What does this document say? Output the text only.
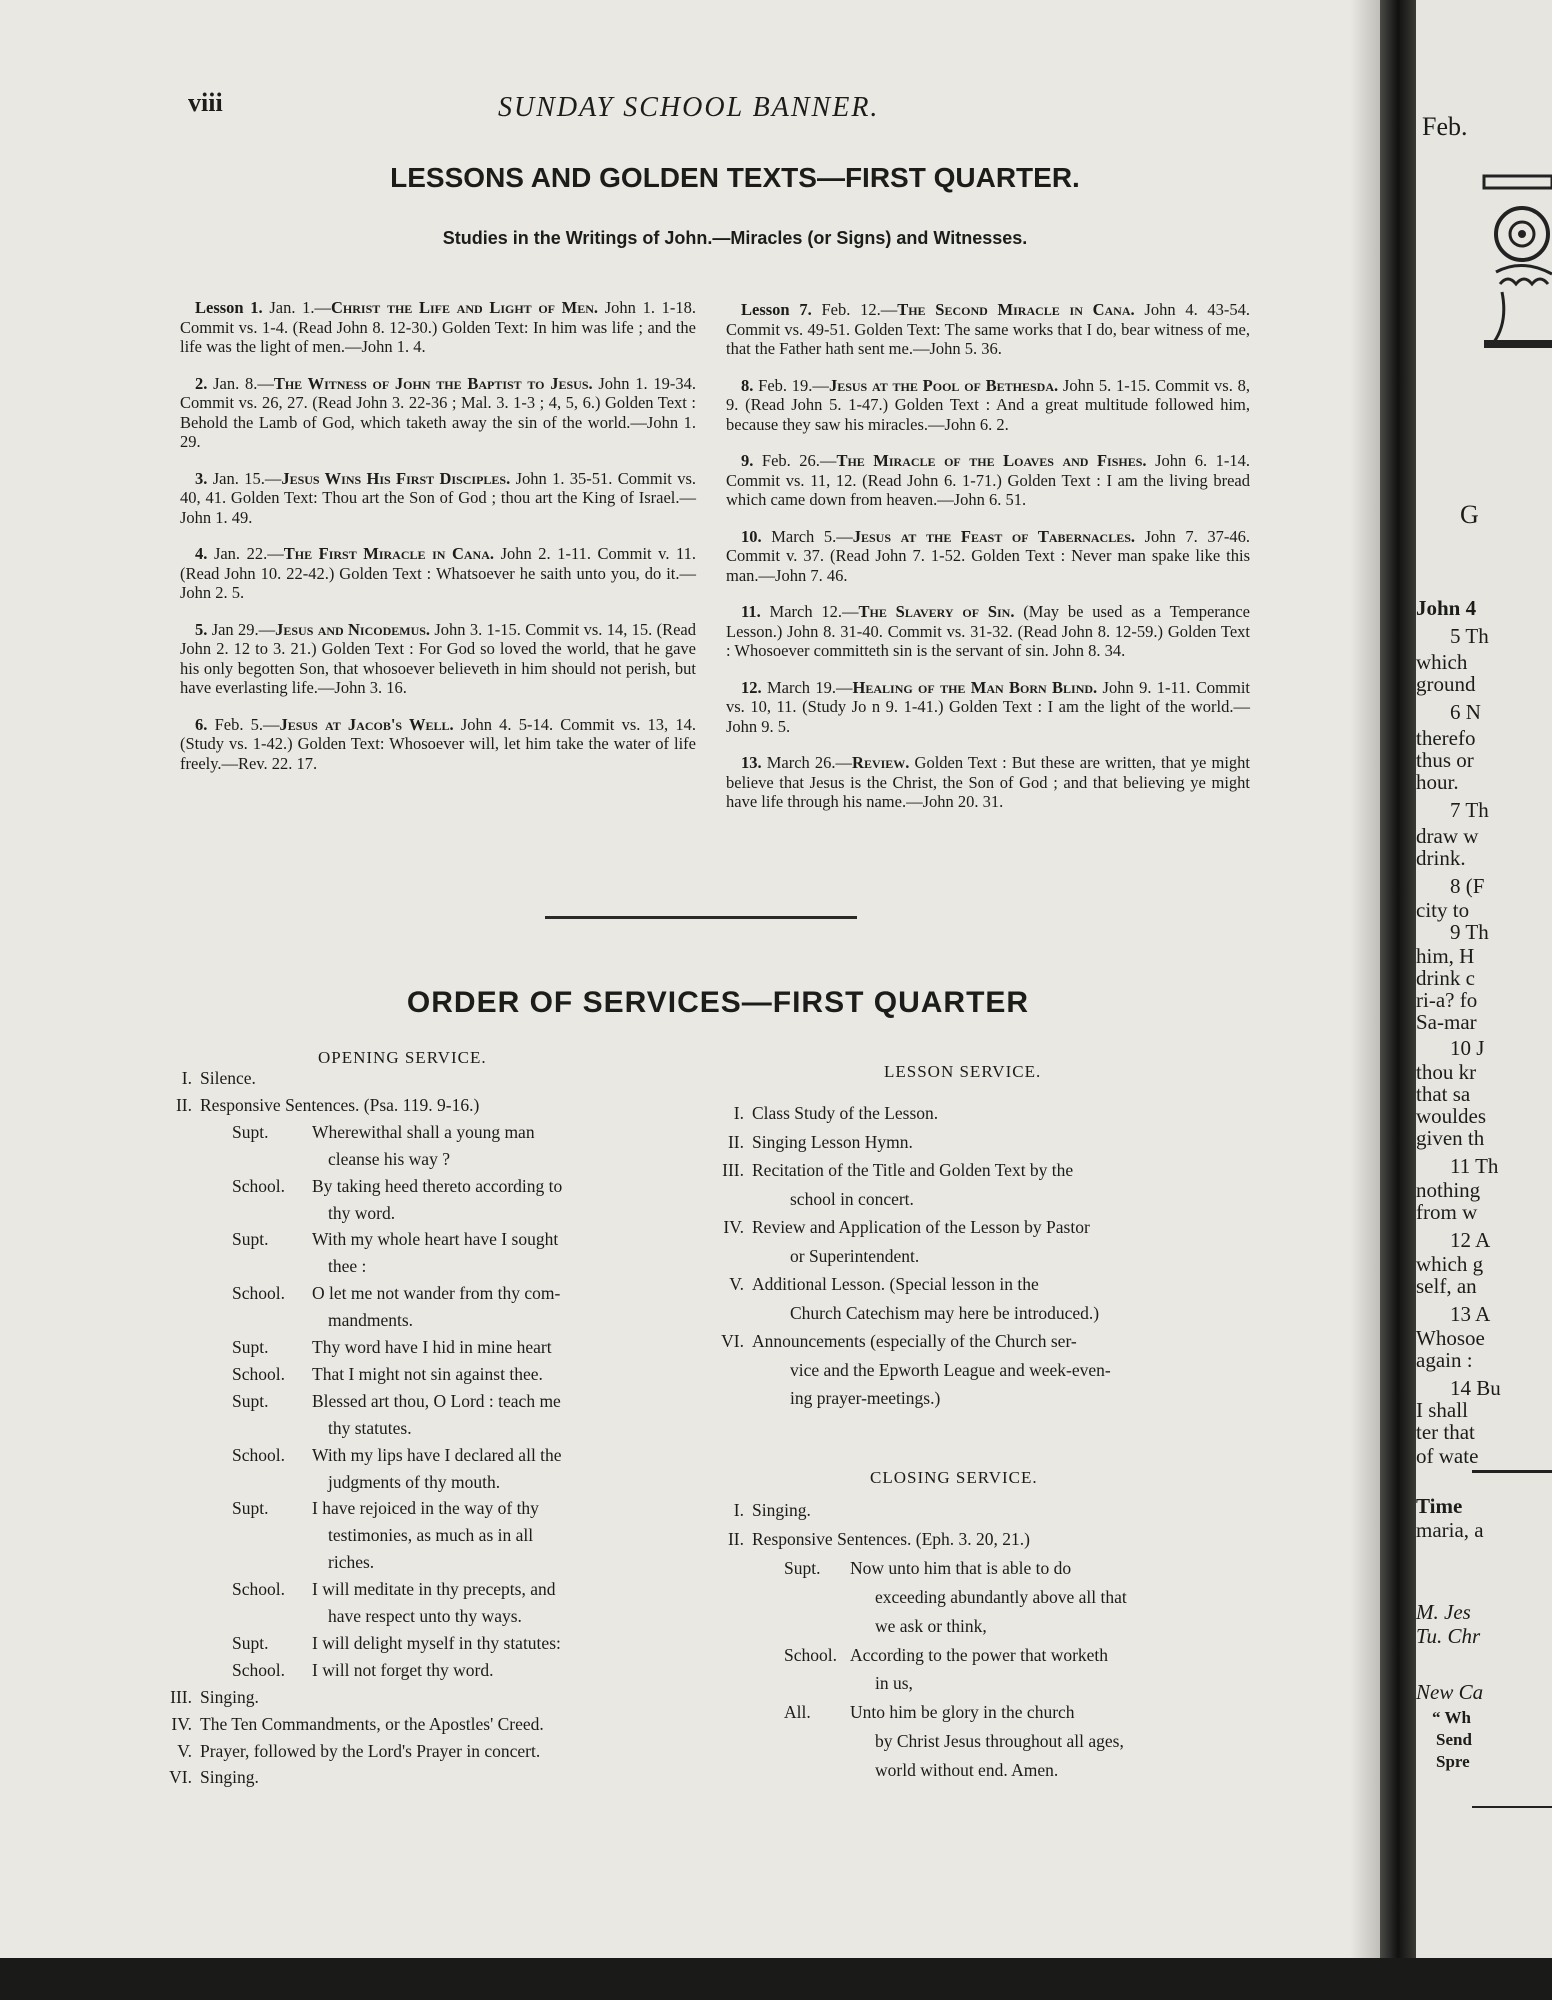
viii	SUNDAY SCHOOL BANNER.
LESSONS AND GOLDEN TEXTS—FIRST QUARTER.
Studies in the Writings of John.—Miracles (or Signs) and Witnesses.

Lesson 1. Jan. 1.—Christ the Life and Light of Men. John 1. 1-18. Commit vs. 1-4. (Read John 8. 12-30.) Golden Text: In him was life ; and the life was the light of men.—John 1. 4.

2. Jan. 8.—The Witness of John the Baptist to Jesus. John 1. 19-34. Commit vs. 26, 27. (Read John 3. 22-36 ; Mal. 3. 1-3 ; 4, 5, 6.) Golden Text : Behold the Lamb of God, which taketh away the sin of the world.—John 1. 29.

3. Jan. 15.—Jesus Wins His First Disciples. John 1. 35-51. Commit vs. 40, 41. Golden Text: Thou art the Son of God ; thou art the King of Israel.—John 1. 49.

4. Jan. 22.—The First Miracle in Cana. John 2. 1-11. Commit v. 11. (Read John 10. 22-42.) Golden Text : Whatsoever he saith unto you, do it.—John 2. 5.

5. Jan 29.—Jesus and Nicodemus. John 3. 1-15. Commit vs. 14, 15. (Read John 2. 12 to 3. 21.) Golden Text : For God so loved the world, that he gave his only begotten Son, that whosoever believeth in him should not perish, but have everlasting life.—John 3. 16.

6. Feb. 5.—Jesus at Jacob's Well. John 4. 5-14. Commit vs. 13, 14. (Study vs. 1-42.) Golden Text: Whosoever will, let him take the water of life freely.—Rev. 22. 17.

Lesson 7. Feb. 12.—The Second Miracle in Cana. John 4. 43-54. Commit vs. 49-51. Golden Text: The same works that I do, bear witness of me, that the Father hath sent me.—John 5. 36.

8. Feb. 19.—Jesus at the Pool of Bethesda. John 5. 1-15. Commit vs. 8, 9. (Read John 5. 1-47.) Golden Text : And a great multitude followed him, because they saw his miracles.—John 6. 2.

9. Feb. 26.—The Miracle of the Loaves and Fishes. John 6. 1-14. Commit vs. 11, 12. (Read John 6. 1-71.) Golden Text : I am the living bread which came down from heaven.—John 6. 51.

10. March 5.—Jesus at the Feast of Tabernacles. John 7. 37-46. Commit v. 37. (Read John 7. 1-52. Golden Text : Never man spake like this man.—John 7. 46.

11. March 12.—The Slavery of Sin. (May be used as a Temperance Lesson.) John 8. 31-40. Commit vs. 31-32. (Read John 8. 12-59.) Golden Text : Whosoever committeth sin is the servant of sin. John 8. 34.

12. March 19.—Healing of the Man Born Blind. John 9. 1-11. Commit vs. 10, 11. (Study Jo n 9. 1-41.) Golden Text : I am the light of the world.—John 9. 5.

13. March 26.—Review. Golden Text : But these are written, that ye might believe that Jesus is the Christ, the Son of God ; and that believing ye might have life through his name.—John 20. 31.

ORDER OF SERVICES—FIRST QUARTER
OPENING SERVICE.
I. Silence.
II. Responsive Sentences. (Psa. 119. 9-16.)
Supt. Wherewithal shall a young man
cleanse his way ?
School. By taking heed thereto according to
thy word.
Supt. With my whole heart have I sought
thee :
School. O let me not wander from thy com-
mandments.
Supt. Thy word have I hid in mine heart
School. That I might not sin against thee.
Supt. Blessed art thou, O Lord : teach me
thy statutes.
School. With my lips have I declared all the
judgments of thy mouth.
Supt. I have rejoiced in the way of thy
testimonies, as much as in all
riches.
School. I will meditate in thy precepts, and
have respect unto thy ways.
Supt. I will delight myself in thy statutes:
School. I will not forget thy word.
III. Singing.
IV. The Ten Commandments, or the Apostles' Creed.
V. Prayer, followed by the Lord's Prayer in concert.
VI. Singing.
LESSON SERVICE.
I. Class Study of the Lesson.
II. Singing Lesson Hymn.
III. Recitation of the Title and Golden Text by the
school in concert.
IV. Review and Application of the Lesson by Pastor
or Superintendent.
V. Additional Lesson. (Special lesson in the
Church Catechism may here be introduced.)
VI. Announcements (especially of the Church ser-
vice and the Epworth League and week-even-
ing prayer-meetings.)
CLOSING SERVICE.
I. Singing.
II. Responsive Sentences. (Eph. 3. 20, 21.)
Supt. Now unto him that is able to do
exceeding abundantly above all that
we ask or think,
School. According to the power that worketh
in us,
All. Unto him be glory in the church
by Christ Jesus throughout all ages,
world without end. Amen.
Feb.
G
John 4
5 Th
which
ground
6 N
therefo
thus or
hour.
7 Th
draw w
drink.
8 (F
city to
9 Th
him, H
drink c
ri-a? fo
Sa-mar
10 J
thou kr
that sa
wouldes
given th
11 Th
nothing
from w
12 A
which g
self, an
13 A
Whosoe
again :
14 Bu
I shall
ter that
of wate
Time
maria, a
M. Jes
Tu. Chr
New Ca
“ Wh
Send
Spre
